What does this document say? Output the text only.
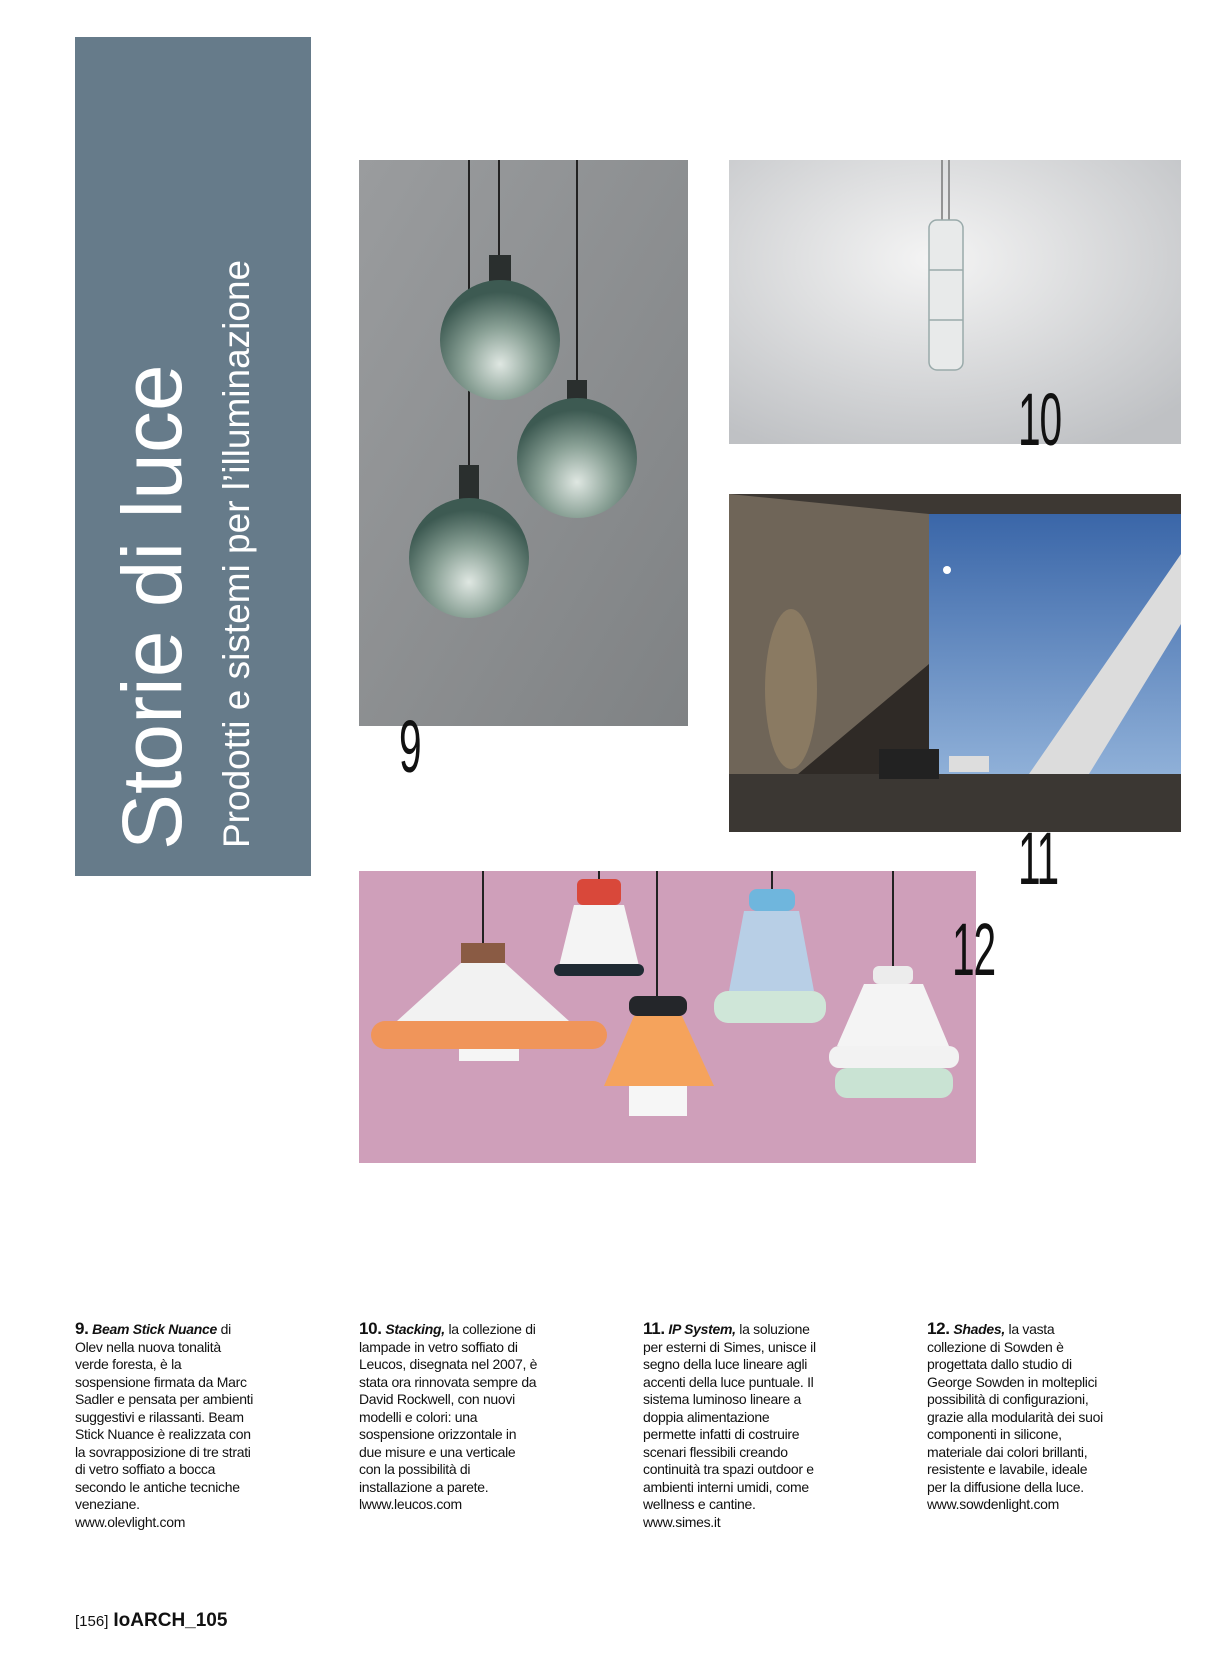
Storie di luce Prodotti e sistemi per l’illuminazione 9
10
11
12

9. Beam Stick Nuance di Olev nella nuova tonalità verde foresta, è la sospensione firmata da Marc Sadler e pensata per ambienti suggestivi e rilassanti. Beam Stick Nuance è realizzata con la sovrapposizione di tre strati di vetro soffiato a bocca secondo le antiche tecniche veneziane.

www.olevlight.com

10. Stacking, la collezione di lampade in vetro soffiato di Leucos, disegnata nel 2007, è stata ora rinnovata sempre da David Rockwell, con nuovi modelli e colori: una sospensione orizzontale in due misure e una verticale con la possibilità di installazione a parete.

lwww.leucos.com

11. IP System, la soluzione per esterni di Simes, unisce il segno della luce lineare agli accenti della luce puntuale. Il sistema luminoso lineare a doppia alimentazione permette infatti di costruire scenari flessibili creando continuità tra spazi outdoor e ambienti interni umidi, come wellness e cantine.

www.simes.it

12. Shades, la vasta collezione di Sowden è progettata dallo studio di George Sowden in molteplici possibilità di configurazioni, grazie alla modularità dei suoi componenti in silicone, materiale dai colori brillanti, resistente e lavabile, ideale per la diffusione della luce.

www.sowdenlight.com

[156] IoARCH_105
